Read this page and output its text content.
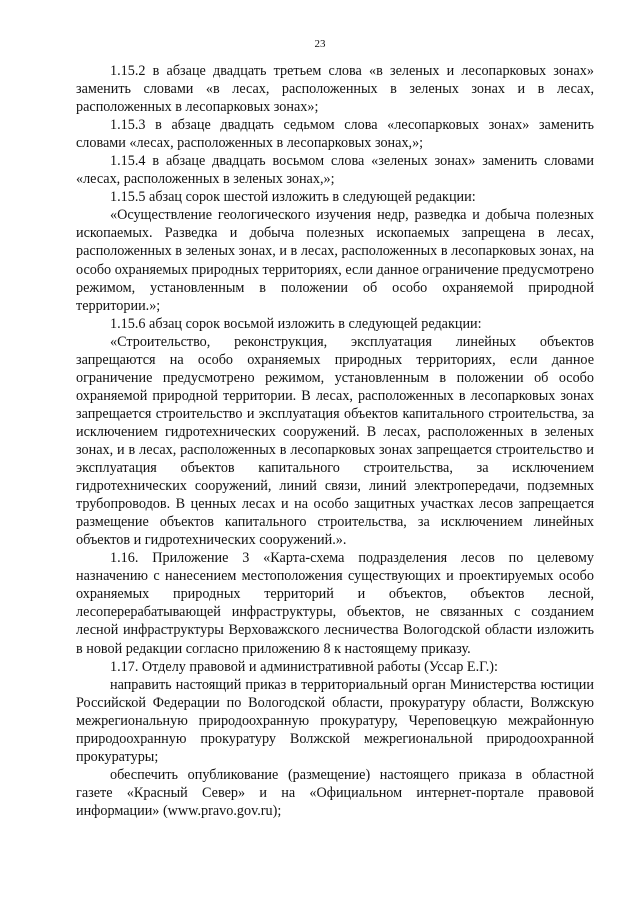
23

1.15.2 в абзаце двадцать третьем слова «в зеленых и лесопарковых зонах» заменить словами «в лесах, расположенных в зеленых зонах и в лесах, расположенных в лесопарковых зонах»;

1.15.3 в абзаце двадцать седьмом слова «лесопарковых зонах» заменить словами «лесах, расположенных в лесопарковых зонах,»;

1.15.4 в абзаце двадцать восьмом слова «зеленых зонах» заменить словами «лесах, расположенных в зеленых зонах,»;

1.15.5 абзац сорок шестой изложить в следующей редакции:

«Осуществление геологического изучения недр, разведка и добыча полезных ископаемых. Разведка и добыча полезных ископаемых запрещена в лесах, расположенных в зеленых зонах, и в лесах, расположенных в лесопарковых зонах, на особо охраняемых природных территориях, если данное ограничение предусмотрено режимом, установленным в положении об особо охраняемой природной территории.»;

1.15.6 абзац сорок восьмой изложить в следующей редакции:

«Строительство, реконструкция, эксплуатация линейных объектов запрещаются на особо охраняемых природных территориях, если данное ограничение предусмотрено режимом, установленным в положении об особо охраняемой природной территории. В лесах, расположенных в лесопарковых зонах запрещается строительство и эксплуатация объектов капитального строительства, за исключением гидротехнических сооружений. В лесах, расположенных в зеленых зонах, и в лесах, расположенных в лесопарковых зонах запрещается строительство и эксплуатация объектов капитального строительства, за исключением гидротехнических сооружений, линий связи, линий электропередачи, подземных трубопроводов. В ценных лесах и на особо защитных участках лесов запрещается размещение объектов капитального строительства, за исключением линейных объектов и гидротехнических сооружений.».

1.16. Приложение 3 «Карта-схема подразделения лесов по целевому назначению с нанесением местоположения существующих и проектируемых особо охраняемых природных территорий и объектов, объектов лесной, лесоперерабатывающей инфраструктуры, объектов, не связанных с созданием лесной инфраструктуры Верховажского лесничества Вологодской области изложить в новой редакции согласно приложению 8 к настоящему приказу.

1.17. Отделу правовой и административной работы (Уссар Е.Г.):

направить настоящий приказ в территориальный орган Министерства юстиции Российской Федерации по Вологодской области, прокуратуру области, Волжскую межрегиональную природоохранную прокуратуру, Череповецкую межрайонную природоохранную прокуратуру Волжской межрегиональной природоохранной прокуратуры;

обеспечить опубликование (размещение) настоящего приказа в областной газете «Красный Север» и на «Официальном интернет-портале правовой информации» (www.pravo.gov.ru);
